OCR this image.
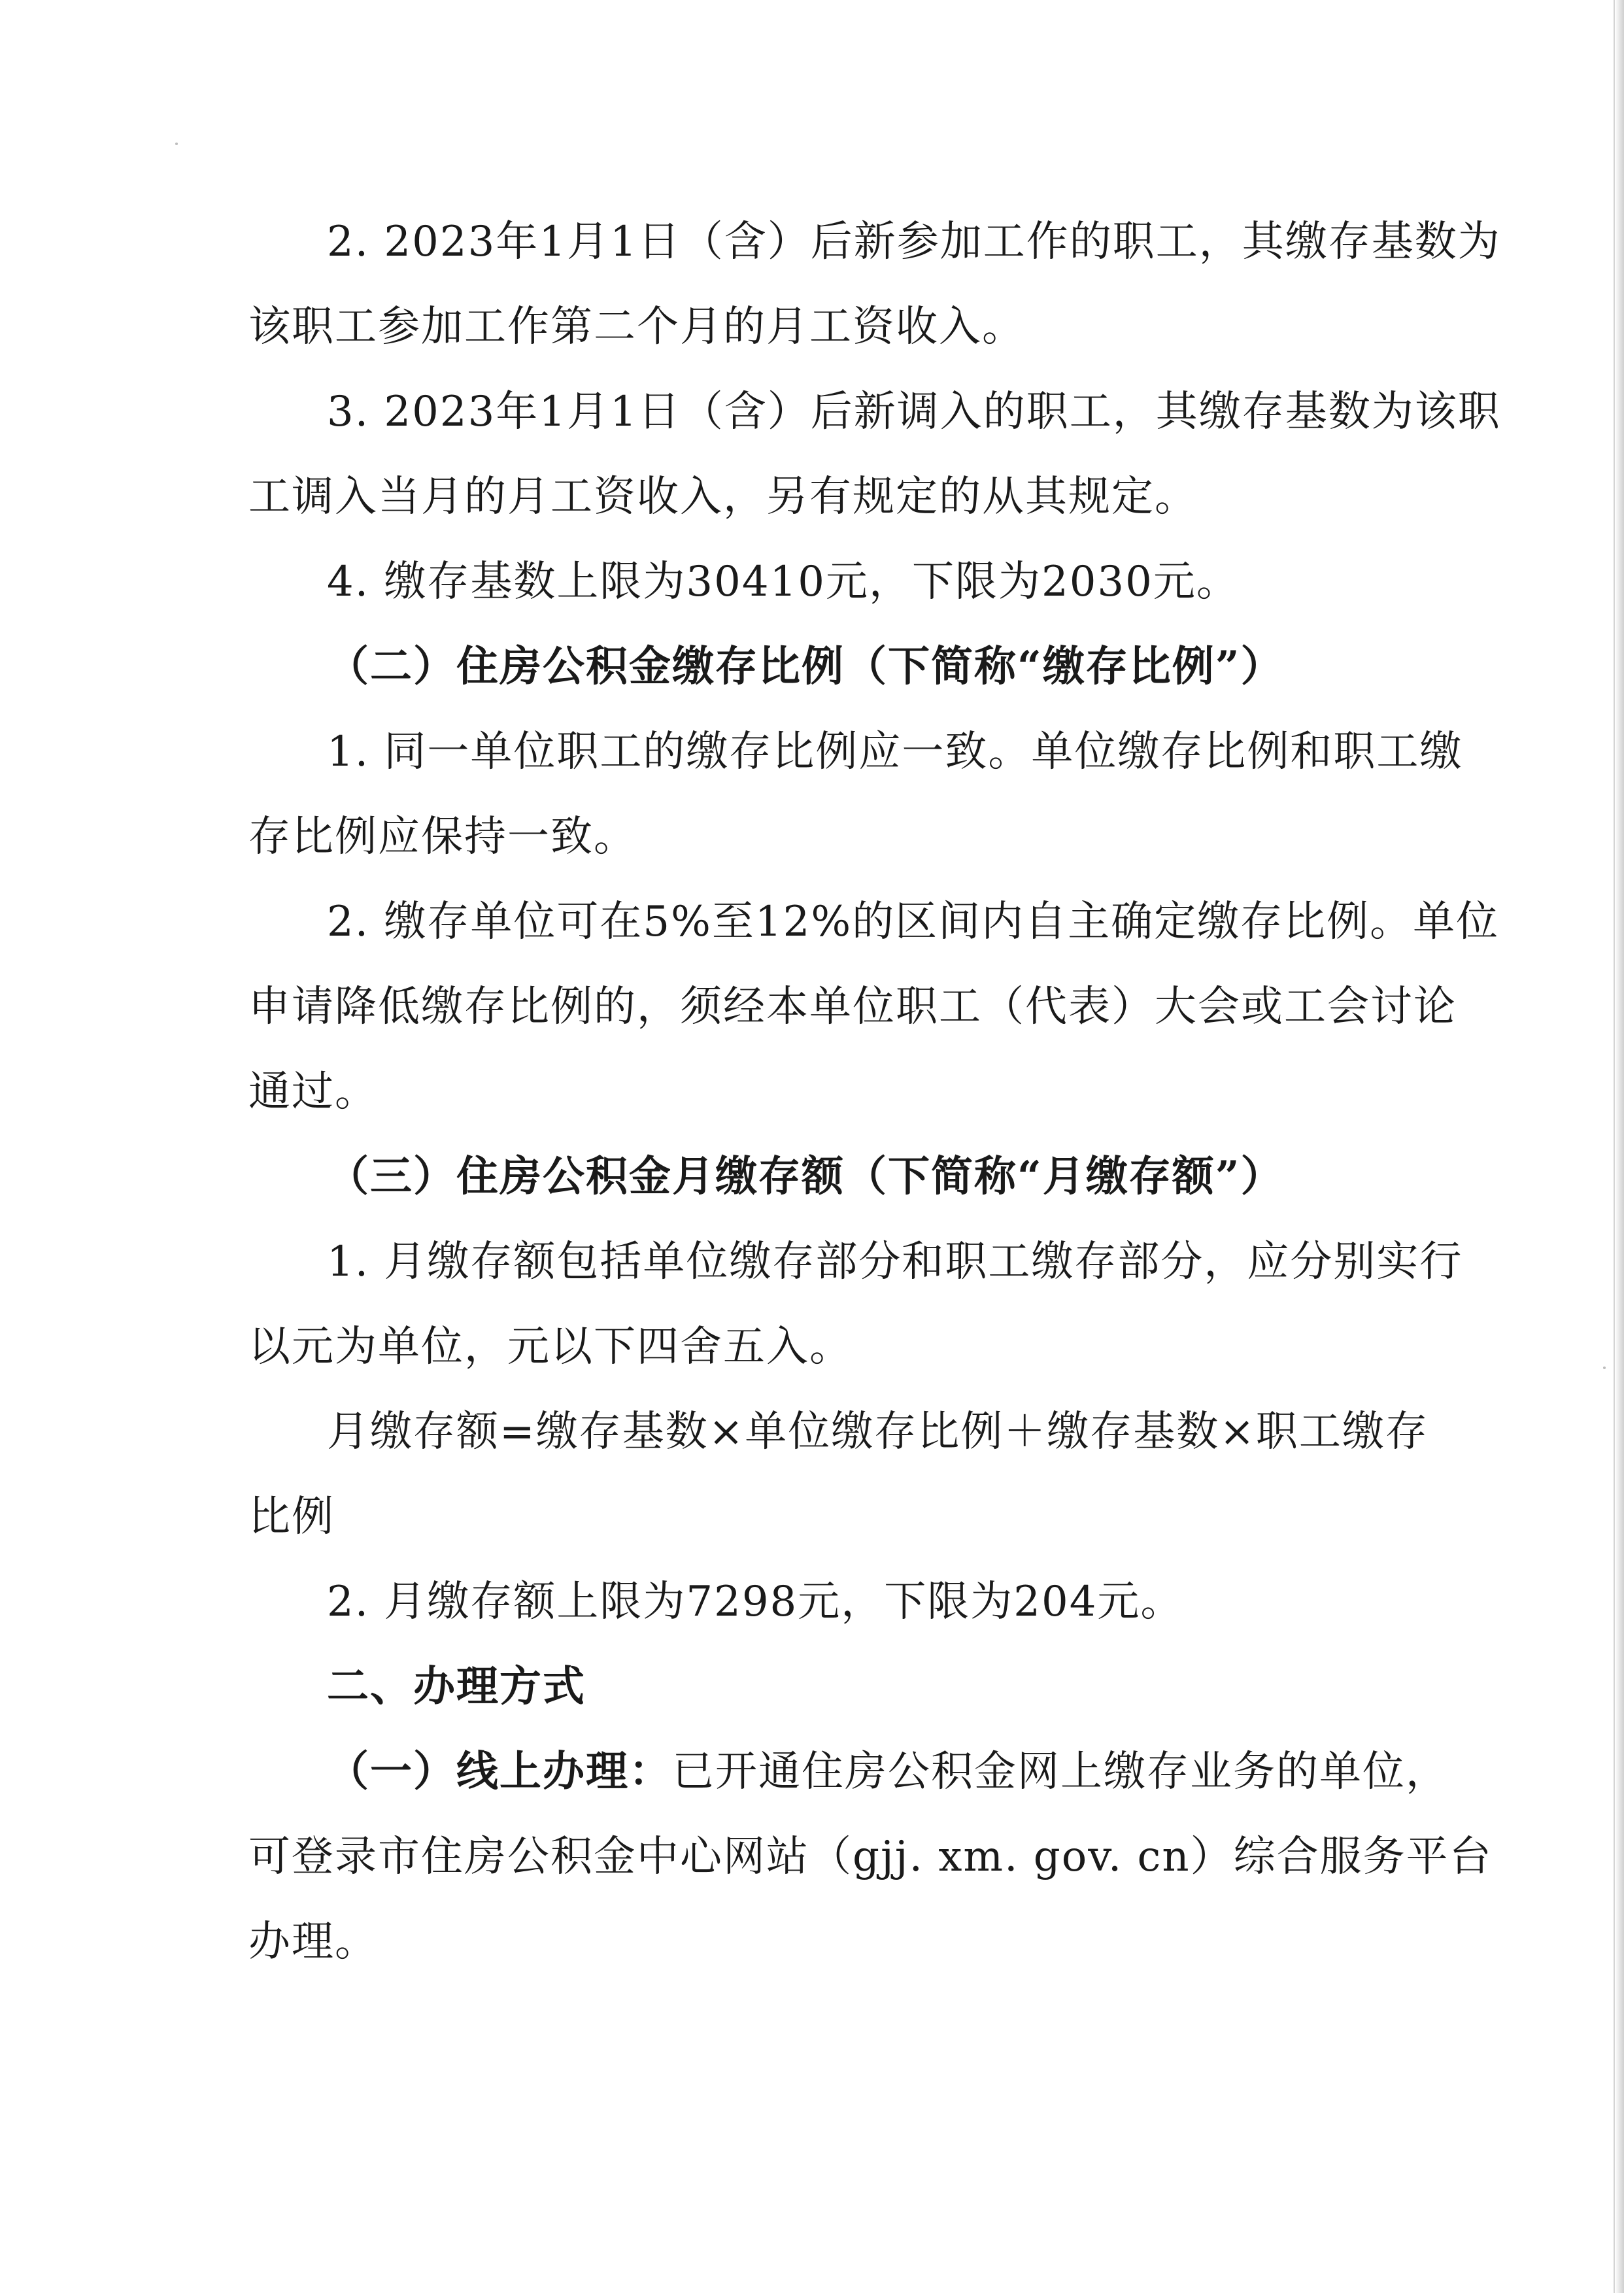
2. 2023年1月1日（含）后新参加工作的职工，其缴存基数为
该职工参加工作第二个月的月工资收入。
3. 2023年1月1日（含）后新调入的职工，其缴存基数为该职
工调入当月的月工资收入，另有规定的从其规定。
4. 缴存基数上限为30410元，下限为2030元。
（二）住房公积金缴存比例（下简称“缴存比例”）
1. 同一单位职工的缴存比例应一致。单位缴存比例和职工缴
存比例应保持一致。
2. 缴存单位可在5%至12%的区间内自主确定缴存比例。单位
申请降低缴存比例的，须经本单位职工（代表）大会或工会讨论
通过。
（三）住房公积金月缴存额（下简称“月缴存额”）
1. 月缴存额包括单位缴存部分和职工缴存部分，应分别实行
以元为单位，元以下四舍五入。
月缴存额=缴存基数×单位缴存比例＋缴存基数×职工缴存
比例
2. 月缴存额上限为7298元，下限为204元。
二、办理方式
（一）线上办理：已开通住房公积金网上缴存业务的单位，
可登录市住房公积金中心网站（gjj. xm. gov. cn）综合服务平台
办理。
